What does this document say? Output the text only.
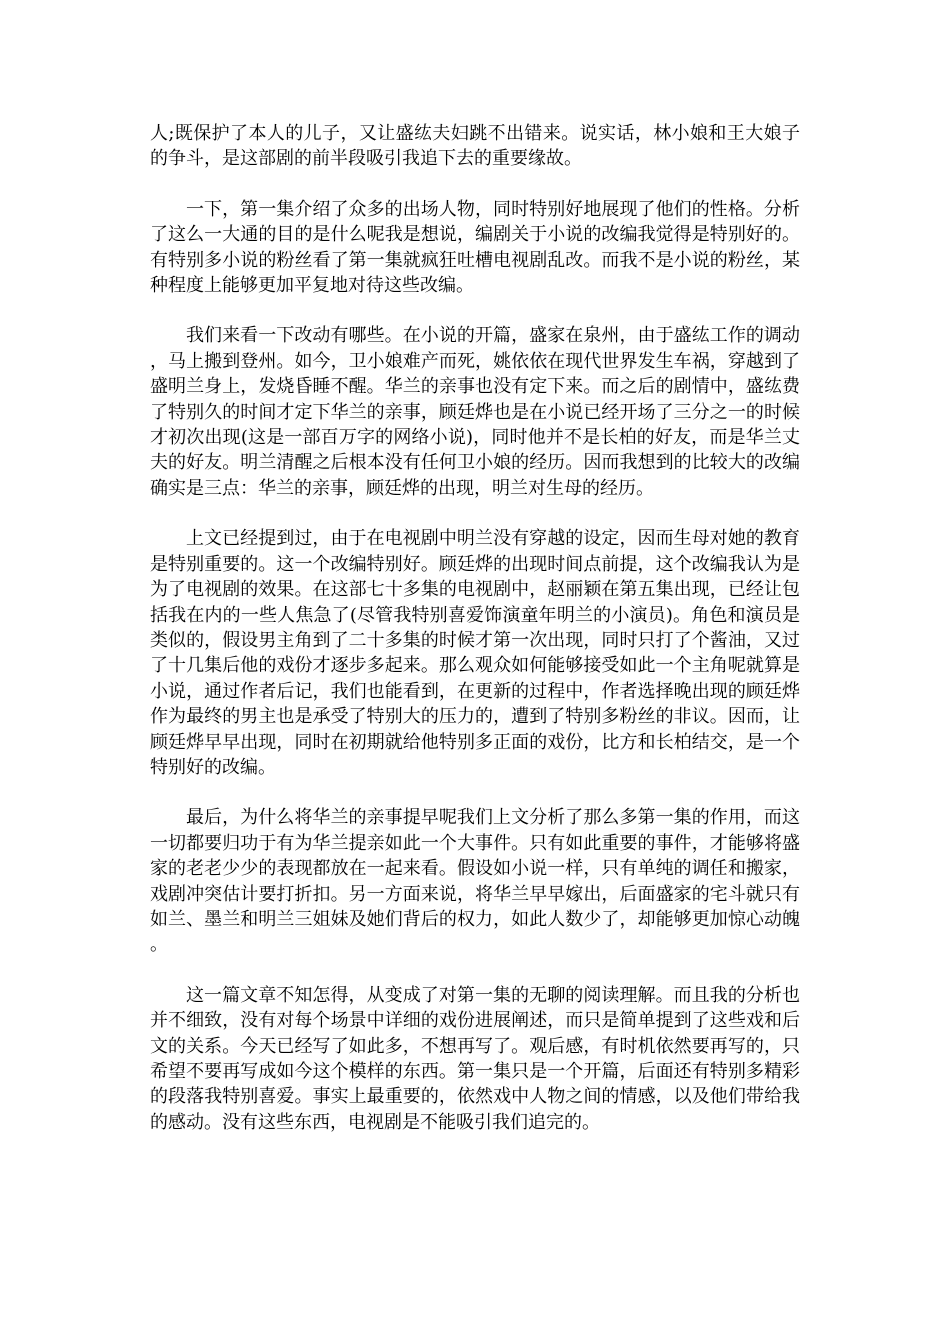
人;既保护了本人的儿子，又让盛纮夫妇跳不出错来。说实话，林小娘和王大娘子的争斗，是这部剧的前半段吸引我追下去的重要缘故。

一下，第一集介绍了众多的出场人物，同时特别好地展现了他们的性格。分析了这么一大通的目的是什么呢我是想说，编剧关于小说的改编我觉得是特别好的。有特别多小说的粉丝看了第一集就疯狂吐槽电视剧乱改。而我不是小说的粉丝，某种程度上能够更加平复地对待这些改编。

我们来看一下改动有哪些。在小说的开篇，盛家在泉州，由于盛纮工作的调动，马上搬到登州。如今，卫小娘难产而死，姚依依在现代世界发生车祸，穿越到了盛明兰身上，发烧昏睡不醒。华兰的亲事也没有定下来。而之后的剧情中，盛纮费了特别久的时间才定下华兰的亲事，顾廷烨也是在小说已经开场了三分之一的时候才初次出现(这是一部百万字的网络小说)，同时他并不是长柏的好友，而是华兰丈夫的好友。明兰清醒之后根本没有任何卫小娘的经历。因而我想到的比较大的改编确实是三点：华兰的亲事，顾廷烨的出现，明兰对生母的经历。

上文已经提到过，由于在电视剧中明兰没有穿越的设定，因而生母对她的教育是特别重要的。这一个改编特别好。顾廷烨的出现时间点前提，这个改编我认为是为了电视剧的效果。在这部七十多集的电视剧中，赵丽颖在第五集出现，已经让包括我在内的一些人焦急了(尽管我特别喜爱饰演童年明兰的小演员)。角色和演员是类似的，假设男主角到了二十多集的时候才第一次出现，同时只打了个酱油，又过了十几集后他的戏份才逐步多起来。那么观众如何能够接受如此一个主角呢就算是小说，通过作者后记，我们也能看到，在更新的过程中，作者选择晚出现的顾廷烨作为最终的男主也是承受了特别大的压力的，遭到了特别多粉丝的非议。因而，让顾廷烨早早出现，同时在初期就给他特别多正面的戏份，比方和长柏结交，是一个特别好的改编。

最后，为什么将华兰的亲事提早呢我们上文分析了那么多第一集的作用，而这一切都要归功于有为华兰提亲如此一个大事件。只有如此重要的事件，才能够将盛家的老老少少的表现都放在一起来看。假设如小说一样，只有单纯的调任和搬家，戏剧冲突估计要打折扣。另一方面来说，将华兰早早嫁出，后面盛家的宅斗就只有如兰、墨兰和明兰三姐妹及她们背后的权力，如此人数少了，却能够更加惊心动魄。

这一篇文章不知怎得，从变成了对第一集的无聊的阅读理解。而且我的分析也并不细致，没有对每个场景中详细的戏份进展阐述，而只是简单提到了这些戏和后文的关系。今天已经写了如此多，不想再写了。观后感，有时机依然要再写的，只希望不要再写成如今这个模样的东西。第一集只是一个开篇，后面还有特别多精彩的段落我特别喜爱。事实上最重要的，依然戏中人物之间的情感，以及他们带给我的感动。没有这些东西，电视剧是不能吸引我们追完的。
